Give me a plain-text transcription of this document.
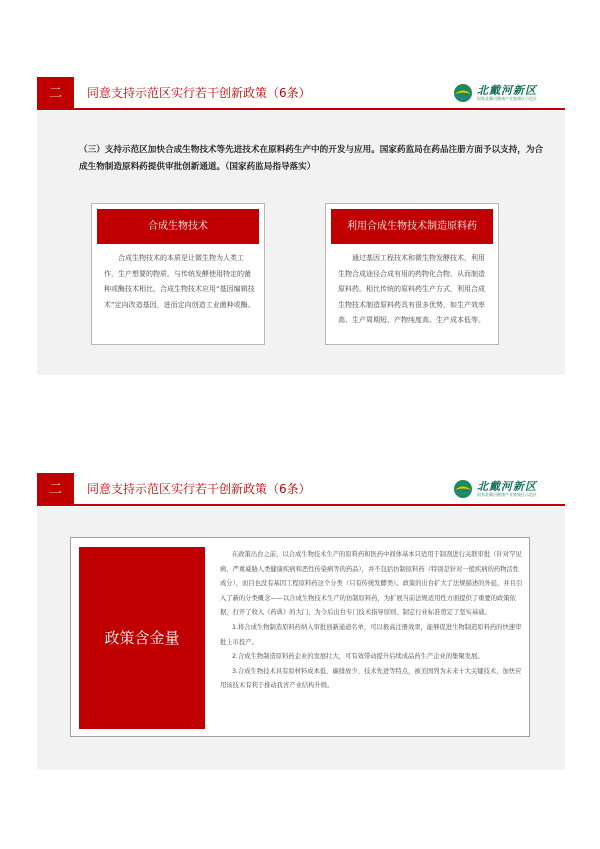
二	同意支持示范区实行若干创新政策（6条）	北戴河新区
国家北戴河健康产业集聚区示范区
（三）支持示范区加快合成生物技术等先进技术在原料药生产中的开发与应用。国家药监局在药品注册方面予以支持，为合成生物制造原料药提供审批创新通道。（国家药监局指导落实）
合成生物技术
合成生物技术的本质是让微生物为人类工作，生产想要的物质。与传统发酵使用特定的菌种或酶技术相比，合成生物技术应用“基因编辑技术”定向改造基因，进而定向创造工业菌种或酶。
利用合成生物技术制造原料药
通过基因工程技术和微生物发酵技术，利用生物合成途径合成有用的药物化合物，从而制造原料药。相比传统的原料药生产方式，利用合成生物技术制造原料药具有很多优势，如生产效率高、生产周期短、产物纯度高、生产成本低等。
二	同意支持示范区实行若干创新政策（6条）	北戴河新区
国家北戴河健康产业集聚区示范区
政策含金量

在政策出台之前，以合成生物技术生产的原料药和医药中间体基本只适用于制剂进行关联审批（针对罕见病、严重威胁人类健康疾病和恶性传染病等的药品），并不包括仿制原料药（特别是针对一般疾病的药物活性成分），而目也没有基因工程原料药这个分类（只有传统发酵类）。政策的出台扩大了法规描述的外延，并且引入了新的分类概念——以合成生物技术生产的仿制原料药，为扩展当前法规适用性方面提供了重要的政策依据，打开了收入《药典》的大门，为今后出台专门技术指导原则、制定行业标准奠定了坚实基础。

1.将合成生物制造原料药纳入审批创新通道名单，可以极高注册效率，能够促进生物制造原料药的快速审批上市投产。

2.合成生物制造原料药企业的发展壮大，可有效带动提升后续成品药生产企业的集聚发展。

3.合成生物技术具有原材料成本低、碳排放少、技术先进等特点，被美国列为未来十大关键技术，加快应用该技术有利于推动我省产业结构升级。
